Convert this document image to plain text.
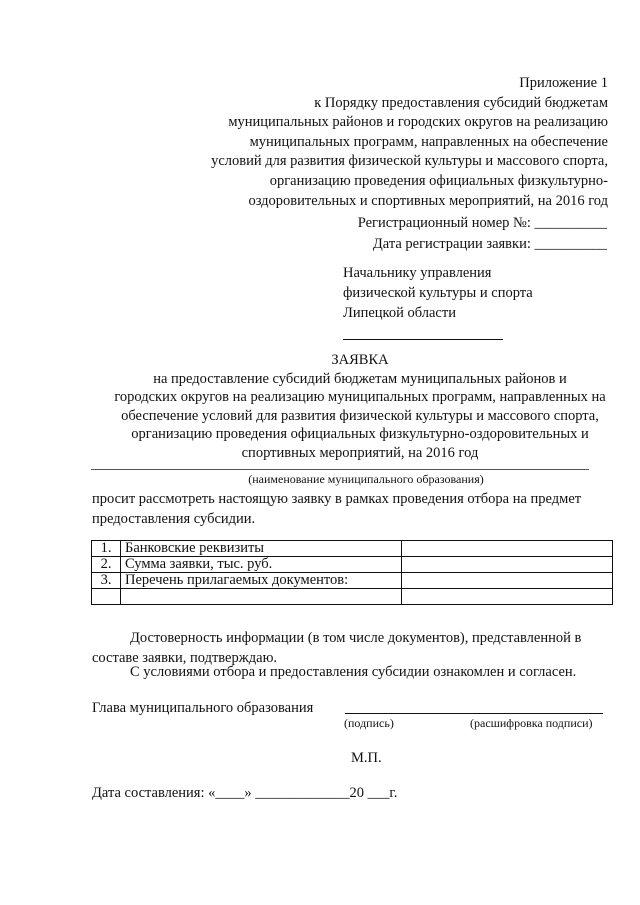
Приложение 1
к Порядку предоставления субсидий бюджетам
муниципальных районов и городских округов на реализацию
муниципальных программ, направленных на обеспечение
условий для развития физической культуры и массового спорта,
организацию проведения официальных физкультурно-
оздоровительных и спортивных мероприятий, на 2016 год
Регистрационный номер №: __________
Дата регистрации заявки: __________
Начальнику управления
физической культуры и спорта
Липецкой области
ЗАЯВКА
на предоставление субсидий бюджетам муниципальных районов и
городских округов на реализацию муниципальных программ, направленных на
обеспечение условий для развития физической культуры и массового спорта,
организацию проведения официальных физкультурно-оздоровительных и
спортивных мероприятий, на 2016 год
(наименование муниципального образования)
просит рассмотреть настоящую заявку в рамках проведения отбора на предмет
предоставления субсидии.
1.	Банковские реквизиты	
2.	Сумма заявки, тыс. руб.	
3.	Перечень прилагаемых документов:	

Достоверность информации (в том числе документов), представленной в
составе заявки, подтверждаю.
С условиями отбора и предоставления субсидии ознакомлен и согласен.
Глава муниципального образования
(подпись)	(расшифровка подписи)
М.П.
Дата составления: «____» _____________20 ___г.
